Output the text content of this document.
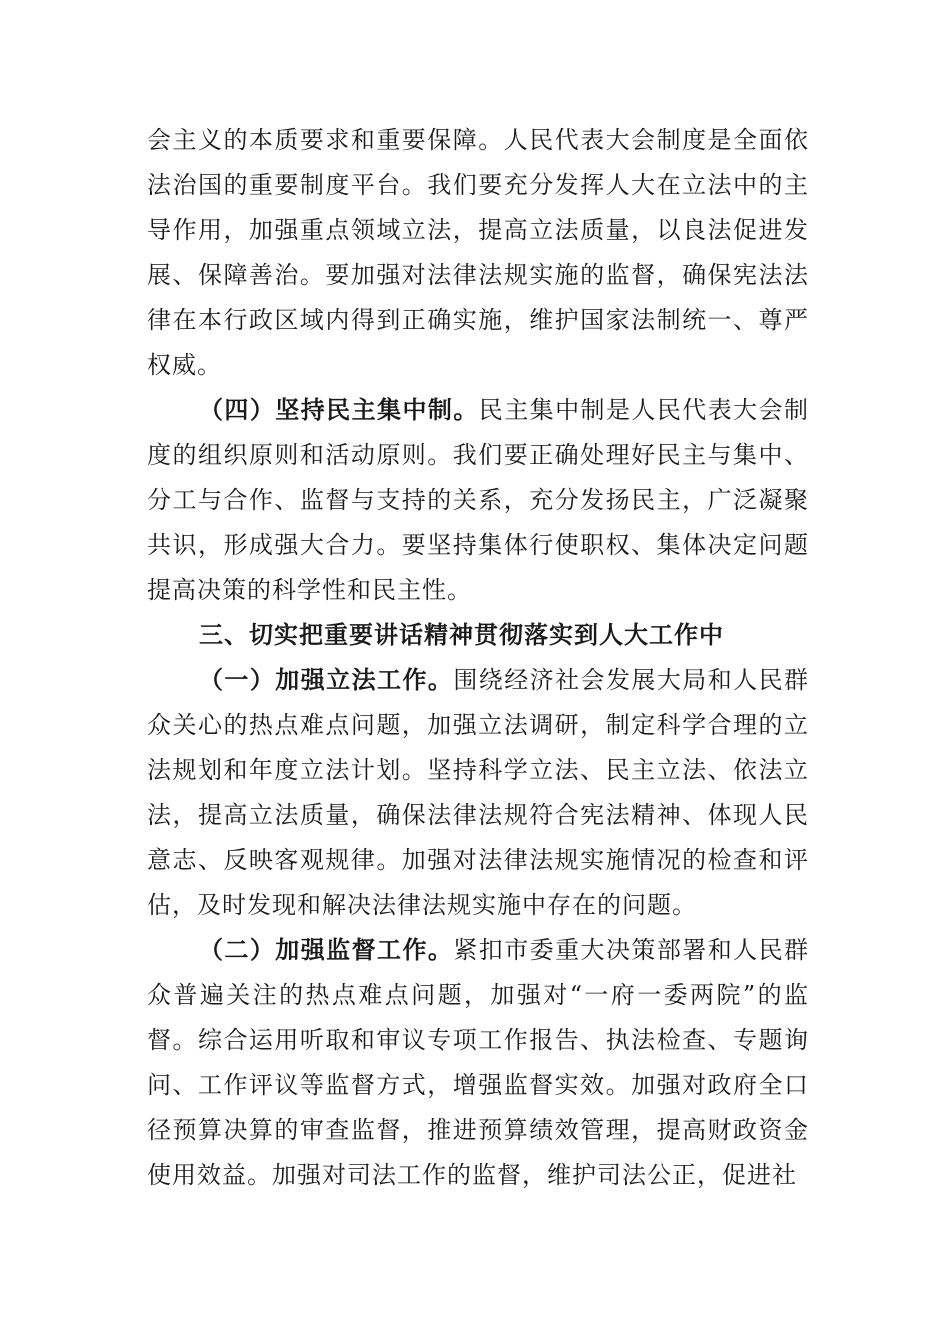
会主义的本质要求和重要保障。人民代表大会制度是全面依法治国的重要制度平台。我们要充分发挥人大在立法中的主导作用，加强重点领域立法，提高立法质量，以良法促进发展、保障善治。要加强对法律法规实施的监督，确保宪法法律在本行政区域内得到正确实施，维护国家法制统一、尊严权威。

（四）坚持民主集中制。民主集中制是人民代表大会制度的组织原则和活动原则。我们要正确处理好民主与集中、分工与合作、监督与支持的关系，充分发扬民主，广泛凝聚共识，形成强大合力。要坚持集体行使职权、集体决定问题提高决策的科学性和民主性。

三、切实把重要讲话精神贯彻落实到人大工作中

（一）加强立法工作。围绕经济社会发展大局和人民群众关心的热点难点问题，加强立法调研，制定科学合理的立法规划和年度立法计划。坚持科学立法、民主立法、依法立法，提高立法质量，确保法律法规符合宪法精神、体现人民意志、反映客观规律。加强对法律法规实施情况的检查和评估，及时发现和解决法律法规实施中存在的问题。

（二）加强监督工作。紧扣市委重大决策部署和人民群众普遍关注的热点难点问题，加强对“一府一委两院”的监督。综合运用听取和审议专项工作报告、执法检查、专题询问、工作评议等监督方式，增强监督实效。加强对政府全口径预算决算的审查监督，推进预算绩效管理，提高财政资金使用效益。加强对司法工作的监督，维护司法公正，促进社
